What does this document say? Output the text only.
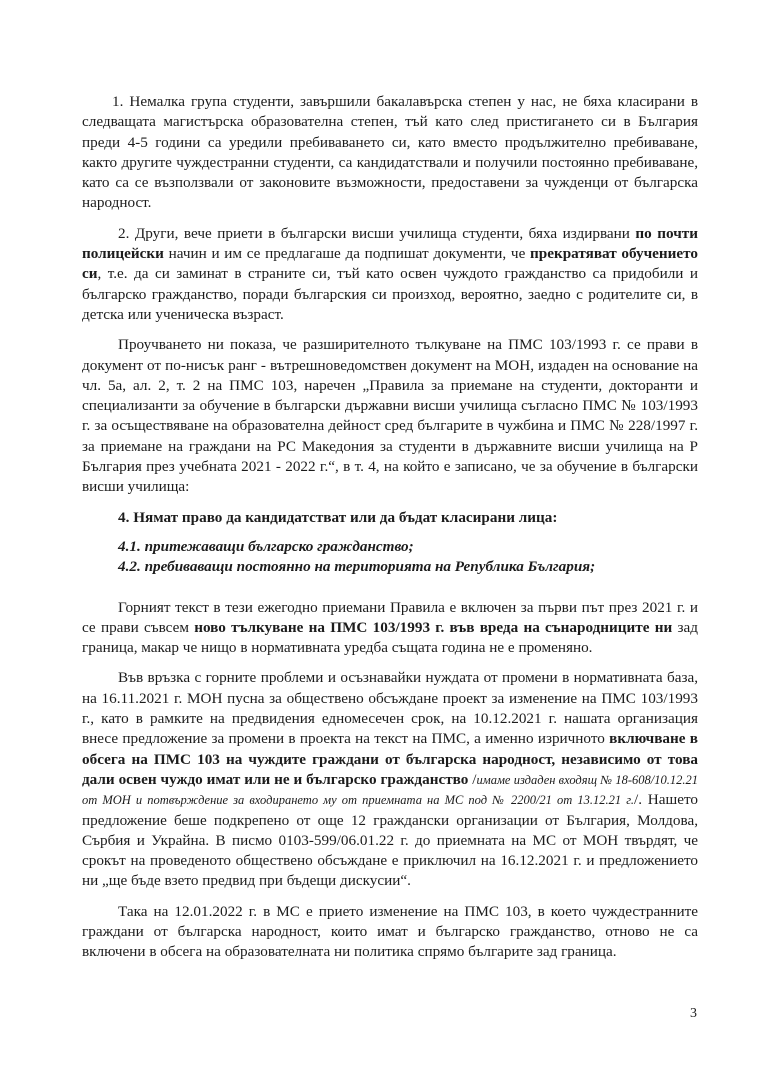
1. Немалка група студенти, завършили бакалавърска степен у нас, не бяха класирани в следващата магистърска образователна степен, тъй като след пристигането си в България преди 4-5 години са уредили пребиваването си, като вместо продължително пребиваване, както другите чуждестранни студенти, са кандидатствали и получили постоянно пребиваване, като са се възползвали от законовите възможности, предоставени за чужденци от българска народност.

2. Други, вече приети в български висши училища студенти, бяха издирвани по почти полицейски начин и им се предлагаше да подпишат документи, че прекратяват обучението си, т.е. да си заминат в страните си, тъй като освен чуждото гражданство са придобили и българско гражданство, поради българския си произход, вероятно, заедно с родителите си, в детска или ученическа възраст.

Проучването ни показа, че разширителното тълкуване на ПМС 103/1993 г. се прави в документ от по-нисък ранг - вътрешноведомствен документ на МОН, издаден на основание на чл. 5а, ал. 2, т. 2 на ПМС 103, наречен „Правила за приемане на студенти, докторанти и специализанти за обучение в български държавни висши училища съгласно ПМС № 103/1993 г. за осъществяване на образователна дейност сред българите в чужбина и ПМС № 228/1997 г. за приемане на граждани на РС Македония за студенти в държавните висши училища на Р България през учебната 2021 - 2022 г.“, в т. 4, на който е записано, че за обучение в български висши училища:

4. Нямат право да кандидатстват или да бъдат класирани лица:

4.1. притежаващи българско гражданство;
4.2. пребиваващи постоянно на територията на Република България;

Горният текст в тези ежегодно приемани Правила е включен за първи път през 2021 г. и се прави съвсем ново тълкуване на ПМС 103/1993 г. във вреда на сънародниците ни зад граница, макар че нищо в нормативната уредба същата година не е променяно.

Във връзка с горните проблеми и осъзнавайки нуждата от промени в нормативната база, на 16.11.2021 г. МОН пусна за обществено обсъждане проект за изменение на ПМС 103/1993 г., като в рамките на предвидения едномесечен срок, на 10.12.2021 г. нашата организация внесе предложение за промени в проекта на текст на ПМС, а именно изричното включване в обсега на ПМС 103 на чуждите граждани от българска народност, независимо от това дали освен чуждо имат или не и българско гражданство /имаме издаден входящ № 18-608/10.12.21 от МОН и потвърждение за входирането му от приемната на МС под № 2200/21 от 13.12.21 г./. Нашето предложение беше подкрепено от още 12 граждански организации от България, Молдова, Сърбия и Украйна. В писмо 0103-599/06.01.22 г. до приемната на МС от МОН твърдят, че срокът на проведеното обществено обсъждане е приключил на 16.12.2021 г. и предложението ни „ще бъде взето предвид при бъдещи дискусии“.

Така на 12.01.2022 г. в МС е прието изменение на ПМС 103, в което чуждестранните граждани от българска народност, които имат и българско гражданство, отново не са включени в обсега на образователната ни политика спрямо българите зад граница.

3
